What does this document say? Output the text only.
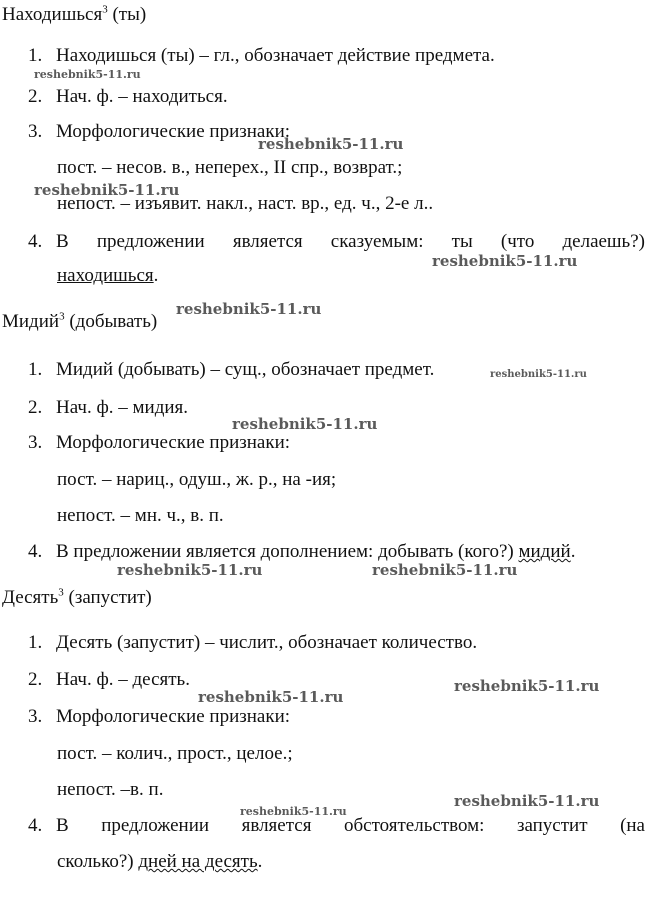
Находишься$^3$ (ты)
1. Находишься (ты) – гл., обозначает действие предмета.
2. Нач. ф. – находиться.
3. Морфологические признаки:
пост. – несов. в., неперех., II спр., возврат.;
непост. – изъявит. накл., наст. вр., ед. ч., 2-е л..
4. В предложении является сказуемым: ты (что делаешь?)
находишься.
Мидий$^3$ (добывать)
1. Мидий (добывать) – сущ., обозначает предмет.
2. Нач. ф. – мидия.
3. Морфологические признаки:
пост. – нариц., одуш., ж. р., на -ия;
непост. – мн. ч., в. п.
4. В предложении является дополнением: добывать (кого?) мидий.
Десять$^3$ (запустит)
1. Десять (запустит) – числит., обозначает количество.
2. Нач. ф. – десять.
3. Морфологические признаки:
пост. – колич., прост., целое.;
непост. –в. п.
4. В предложении является обстоятельством: запустит (на
сколько?) дней на десять.
reshebnik5-11.ru
reshebnik5-11.ru
reshebnik5-11.ru
reshebnik5-11.ru
reshebnik5-11.ru
reshebnik5-11.ru
reshebnik5-11.ru
reshebnik5-11.ru	reshebnik5-11.ru
reshebnik5-11.ru
reshebnik5-11.ru
reshebnik5-11.ru
reshebnik5-11.ru
